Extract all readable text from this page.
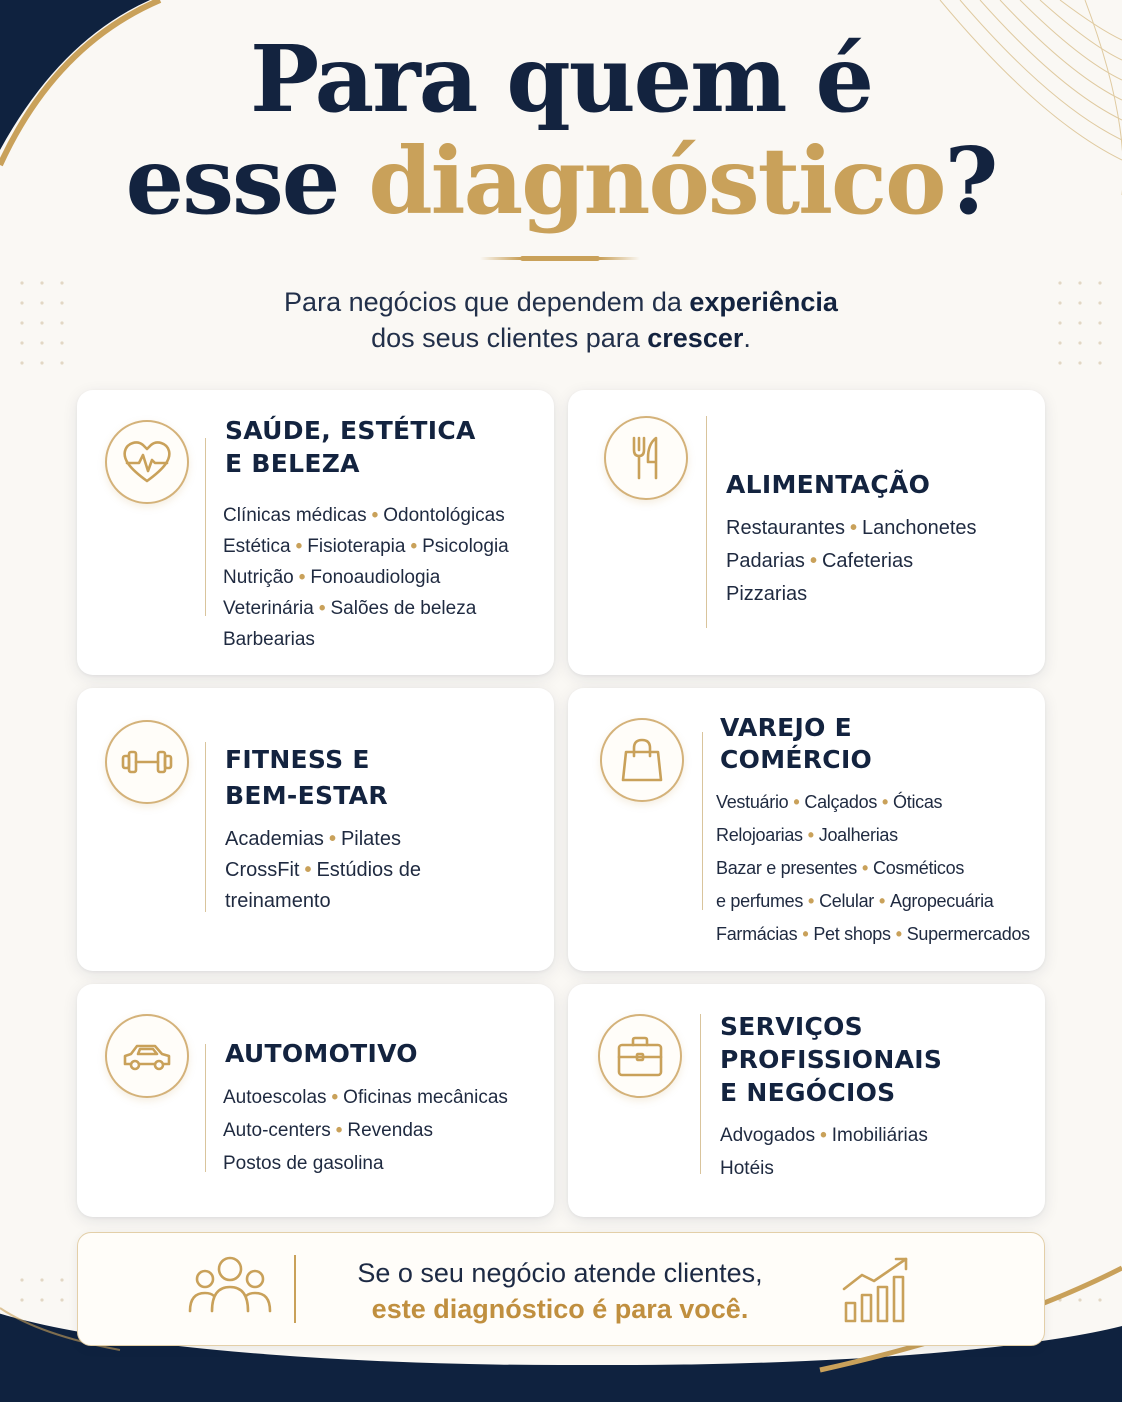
Para quem é
esse diagnóstico?

Para negócios que dependem da experiência
dos seus clientes para crescer.

SAÚDE, ESTÉTICA
E BELEZA
Clínicas médicas • Odontológicas
Estética • Fisioterapia • Psicologia
Nutrição • Fonoaudiologia
Veterinária • Salões de beleza
Barbearias
ALIMENTAÇÃO
Restaurantes • Lanchonetes
Padarias • Cafeterias
Pizzarias
FITNESS E
BEM-ESTAR
Academias • Pilates
CrossFit • Estúdios de
treinamento
VAREJO E
COMÉRCIO
Vestuário • Calçados • Óticas
Relojoarias • Joalherias
Bazar e presentes • Cosméticos
e perfumes • Celular • Agropecuária
Farmácias • Pet shops • Supermercados
AUTOMOTIVO
Autoescolas • Oficinas mecânicas
Auto-centers • Revendas
Postos de gasolina
SERVIÇOS
PROFISSIONAIS
E NEGÓCIOS
Advogados • Imobiliárias
Hotéis

Se o seu negócio atende clientes,
este diagnóstico é para você.
